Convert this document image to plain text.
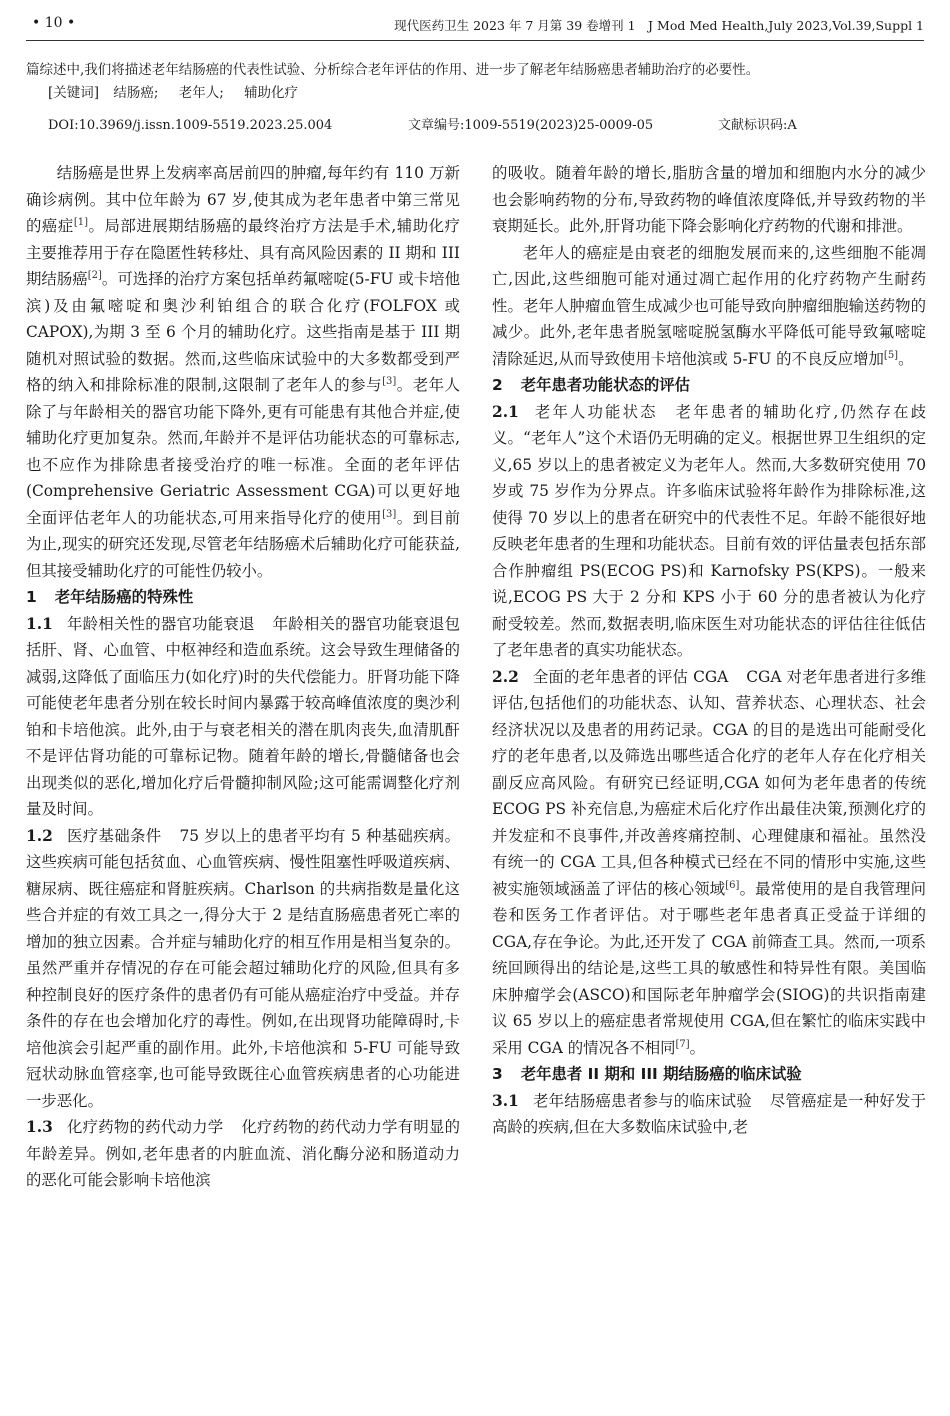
• 10 •	现代医药卫生 2023 年 7 月第 39 卷增刊 1　J Mod Med Health,July 2023,Vol.39,Suppl 1

篇综述中,我们将描述老年结肠癌的代表性试验、分析综合老年评估的作用、进一步了解老年结肠癌患者辅助治疗的必要性。

[关键词] 结肠癌; 老年人; 辅助化疗

DOI:10.3969/j.issn.1009-5519.2023.25.004	文章编号:1009-5519(2023)25-0009-05	文献标识码:A

结肠癌是世界上发病率高居前四的肿瘤,每年约有 110 万新确诊病例。其中位年龄为 67 岁,使其成为老年患者中第三常见的癌症[1]。局部进展期结肠癌的最终治疗方法是手术,辅助化疗主要推荐用于存在隐匿性转移灶、具有高风险因素的 II 期和 III 期结肠癌[2]。可选择的治疗方案包括单药氟嘧啶(5-FU 或卡培他滨)及由氟嘧啶和奥沙利铂组合的联合化疗(FOLFOX 或 CAPOX),为期 3 至 6 个月的辅助化疗。这些指南是基于 III 期随机对照试验的数据。然而,这些临床试验中的大多数都受到严格的纳入和排除标准的限制,这限制了老年人的参与[3]。老年人除了与年龄相关的器官功能下降外,更有可能患有其他合并症,使辅助化疗更加复杂。然而,年龄并不是评估功能状态的可靠标志,也不应作为排除患者接受治疗的唯一标准。全面的老年评估(Comprehensive Geriatric Assessment CGA)可以更好地全面评估老年人的功能状态,可用来指导化疗的使用[3]。到目前为止,现实的研究还发现,尽管老年结肠癌术后辅助化疗可能获益,但其接受辅助化疗的可能性仍较小。

1 老年结肠癌的特殊性

1.1 年龄相关性的器官功能衰退 年龄相关的器官功能衰退包括肝、肾、心血管、中枢神经和造血系统。这会导致生理储备的减弱,这降低了面临压力(如化疗)时的失代偿能力。肝肾功能下降可能使老年患者分别在较长时间内暴露于较高峰值浓度的奥沙利铂和卡培他滨。此外,由于与衰老相关的潜在肌肉丧失,血清肌酐不是评估肾功能的可靠标记物。随着年龄的增长,骨髓储备也会出现类似的恶化,增加化疗后骨髓抑制风险;这可能需调整化疗剂量及时间。

1.2 医疗基础条件 75 岁以上的患者平均有 5 种基础疾病。这些疾病可能包括贫血、心血管疾病、慢性阻塞性呼吸道疾病、糖尿病、既往癌症和肾脏疾病。Charlson 的共病指数是量化这些合并症的有效工具之一,得分大于 2 是结直肠癌患者死亡率的增加的独立因素。合并症与辅助化疗的相互作用是相当复杂的。虽然严重并存情况的存在可能会超过辅助化疗的风险,但具有多种控制良好的医疗条件的患者仍有可能从癌症治疗中受益。并存条件的存在也会增加化疗的毒性。例如,在出现肾功能障碍时,卡培他滨会引起严重的副作用。此外,卡培他滨和 5-FU 可能导致冠状动脉血管痉挛,也可能导致既往心血管疾病患者的心功能进一步恶化。

1.3 化疗药物的药代动力学 化疗药物的药代动力学有明显的年龄差异。例如,老年患者的内脏血流、消化酶分泌和肠道动力的恶化可能会影响卡培他滨

的吸收。随着年龄的增长,脂肪含量的增加和细胞内水分的减少也会影响药物的分布,导致药物的峰值浓度降低,并导致药物的半衰期延长。此外,肝肾功能下降会影响化疗药物的代谢和排泄。

老年人的癌症是由衰老的细胞发展而来的,这些细胞不能凋亡,因此,这些细胞可能对通过凋亡起作用的化疗药物产生耐药性。老年人肿瘤血管生成减少也可能导致向肿瘤细胞输送药物的减少。此外,老年患者脱氢嘧啶脱氢酶水平降低可能导致氟嘧啶清除延迟,从而导致使用卡培他滨或 5-FU 的不良反应增加[5]。

2 老年患者功能状态的评估

2.1 老年人功能状态 老年患者的辅助化疗,仍然存在歧义。“老年人”这个术语仍无明确的定义。根据世界卫生组织的定义,65 岁以上的患者被定义为老年人。然而,大多数研究使用 70 岁或 75 岁作为分界点。许多临床试验将年龄作为排除标准,这使得 70 岁以上的患者在研究中的代表性不足。年龄不能很好地反映老年患者的生理和功能状态。目前有效的评估量表包括东部合作肿瘤组 PS(ECOG PS)和 Karnofsky PS(KPS)。一般来说,ECOG PS 大于 2 分和 KPS 小于 60 分的患者被认为化疗耐受较差。然而,数据表明,临床医生对功能状态的评估往往低估了老年患者的真实功能状态。

2.2 全面的老年患者的评估 CGA CGA 对老年患者进行多维评估,包括他们的功能状态、认知、营养状态、心理状态、社会经济状况以及患者的用药记录。CGA 的目的是选出可能耐受化疗的老年患者,以及筛选出哪些适合化疗的老年人存在化疗相关副反应高风险。有研究已经证明,CGA 如何为老年患者的传统 ECOG PS 补充信息,为癌症术后化疗作出最佳决策,预测化疗的并发症和不良事件,并改善疼痛控制、心理健康和福祉。虽然没有统一的 CGA 工具,但各种模式已经在不同的情形中实施,这些被实施领域涵盖了评估的核心领域[6]。最常使用的是自我管理问卷和医务工作者评估。对于哪些老年患者真正受益于详细的 CGA,存在争论。为此,还开发了 CGA 前筛查工具。然而,一项系统回顾得出的结论是,这些工具的敏感性和特异性有限。美国临床肿瘤学会(ASCO)和国际老年肿瘤学会(SIOG)的共识指南建议 65 岁以上的癌症患者常规使用 CGA,但在繁忙的临床实践中采用 CGA 的情况各不相同[7]。

3 老年患者 II 期和 III 期结肠癌的临床试验

3.1 老年结肠癌患者参与的临床试验 尽管癌症是一种好发于高龄的疾病,但在大多数临床试验中,老
